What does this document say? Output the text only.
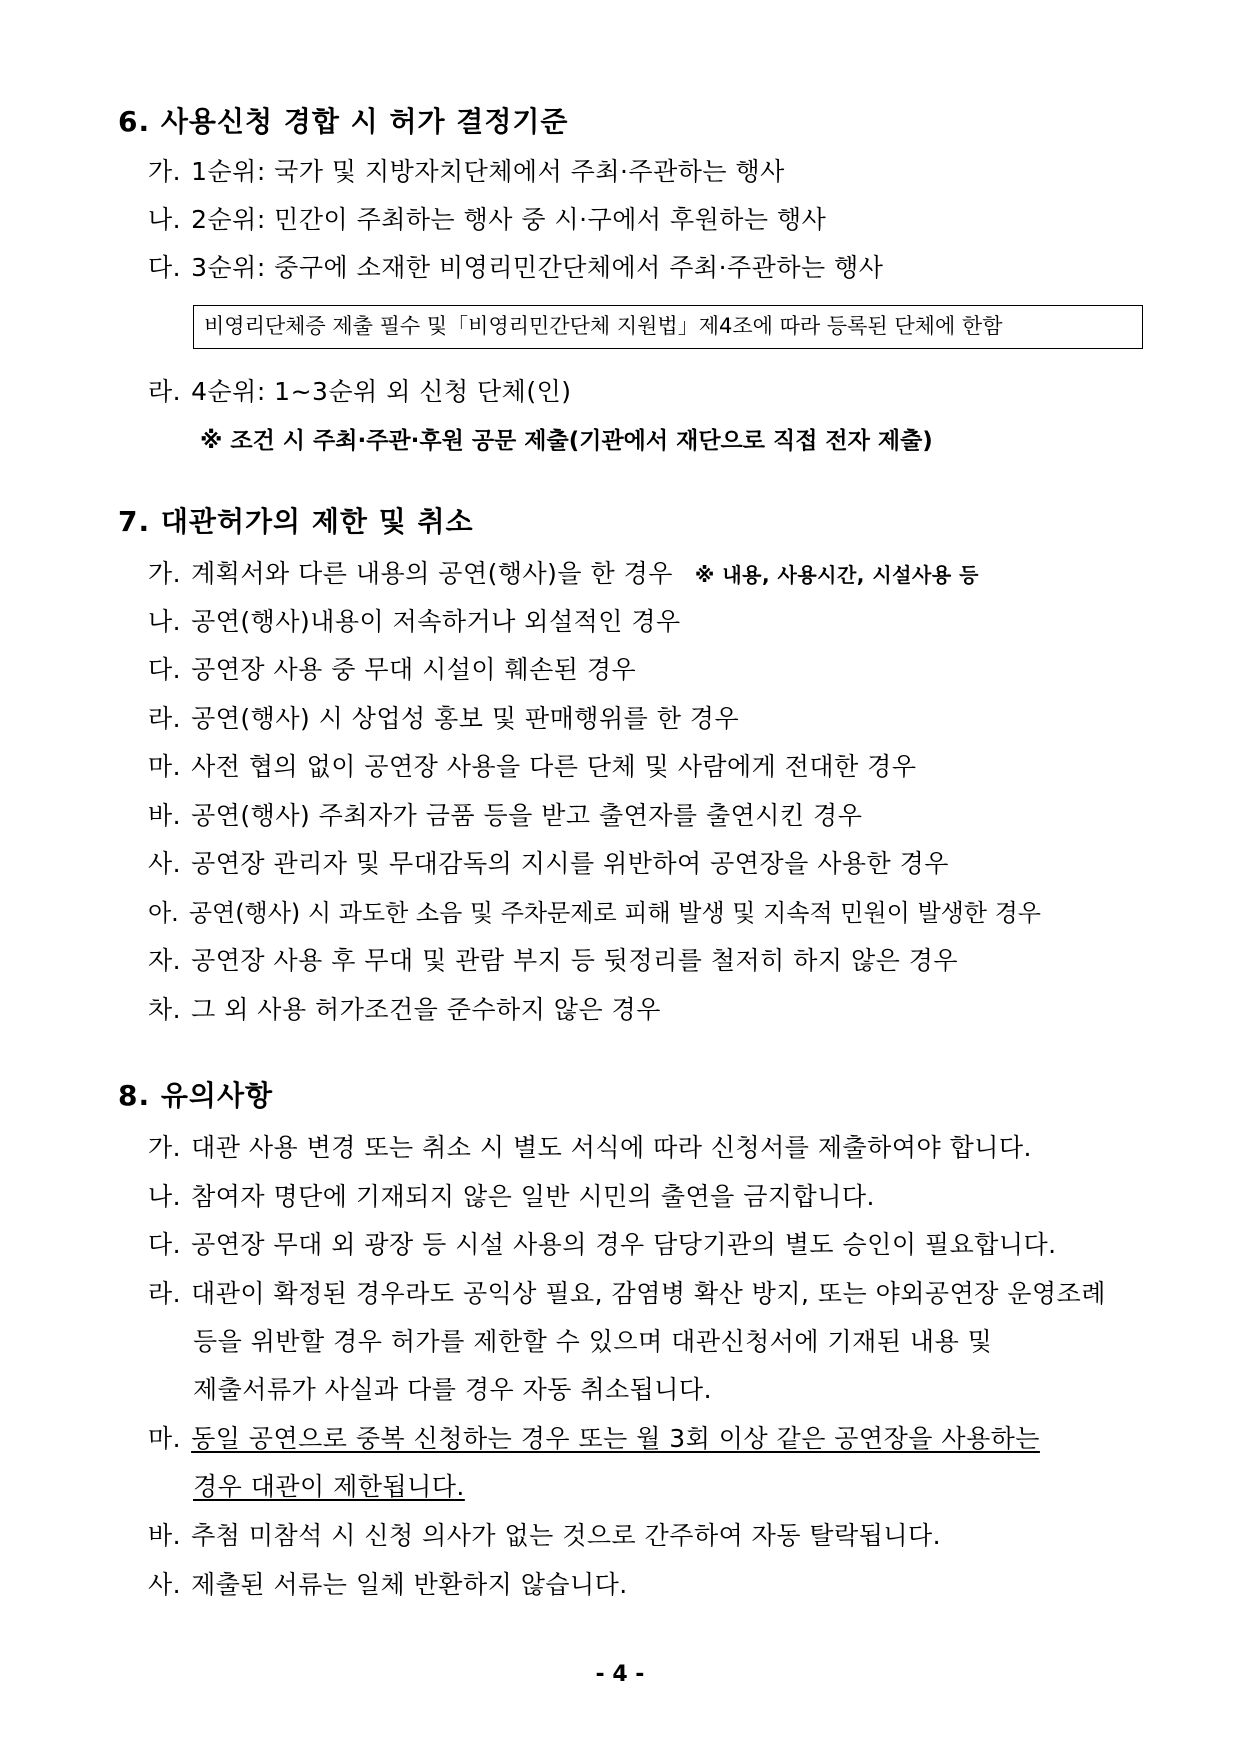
6. 사용신청 경합 시 허가 결정기준
가. 1순위: 국가 및 지방자치단체에서 주최·주관하는 행사
나. 2순위: 민간이 주최하는 행사 중 시·구에서 후원하는 행사
다. 3순위: 중구에 소재한 비영리민간단체에서 주최·주관하는 행사
비영리단체증 제출 필수 및「비영리민간단체 지원법」제4조에 따라 등록된 단체에 한함
라. 4순위: 1~3순위 외 신청 단체(인)
※ 조건 시 주최·주관·후원 공문 제출(기관에서 재단으로 직접 전자 제출)
7. 대관허가의 제한 및 취소
가. 계획서와 다른 내용의 공연(행사)을 한 경우 ※ 내용, 사용시간, 시설사용 등
나. 공연(행사)내용이 저속하거나 외설적인 경우
다. 공연장 사용 중 무대 시설이 훼손된 경우
라. 공연(행사) 시 상업성 홍보 및 판매행위를 한 경우
마. 사전 협의 없이 공연장 사용을 다른 단체 및 사람에게 전대한 경우
바. 공연(행사) 주최자가 금품 등을 받고 출연자를 출연시킨 경우
사. 공연장 관리자 및 무대감독의 지시를 위반하여 공연장을 사용한 경우
아. 공연(행사) 시 과도한 소음 및 주차문제로 피해 발생 및 지속적 민원이 발생한 경우
자. 공연장 사용 후 무대 및 관람 부지 등 뒷정리를 철저히 하지 않은 경우
차. 그 외 사용 허가조건을 준수하지 않은 경우
8. 유의사항
가. 대관 사용 변경 또는 취소 시 별도 서식에 따라 신청서를 제출하여야 합니다.
나. 참여자 명단에 기재되지 않은 일반 시민의 출연을 금지합니다.
다. 공연장 무대 외 광장 등 시설 사용의 경우 담당기관의 별도 승인이 필요합니다.
라. 대관이 확정된 경우라도 공익상 필요, 감염병 확산 방지, 또는 야외공연장 운영조례
등을 위반할 경우 허가를 제한할 수 있으며 대관신청서에 기재된 내용 및
제출서류가 사실과 다를 경우 자동 취소됩니다.
마. 동일 공연으로 중복 신청하는 경우 또는 월 3회 이상 같은 공연장을 사용하는
경우 대관이 제한됩니다.
바. 추첨 미참석 시 신청 의사가 없는 것으로 간주하여 자동 탈락됩니다.
사. 제출된 서류는 일체 반환하지 않습니다.
- 4 -
